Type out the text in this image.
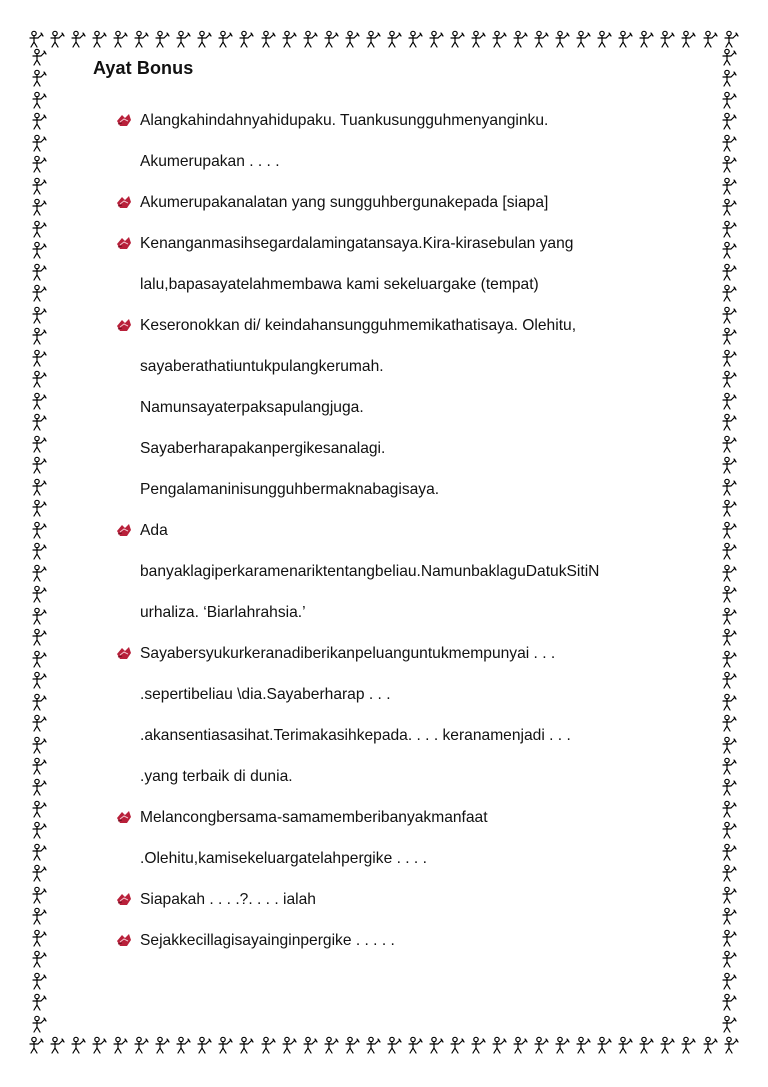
Ayat Bonus
Alangkahindahnyahidupaku. Tuankusungguhmenyanginku.
Akumerupakan . . . .
Akumerupakanalatan yang sungguhbergunakepada [siapa]
Kenanganmasihsegardalamingatansaya.Kira-kirasebulan yang
lalu,bapasayatelahmembawa kami sekeluargake (tempat)
Keseronokkan di/ keindahansungguhmemikathatisaya. Olehitu,
sayaberathatiuntukpulangkerumah.
Namunsayaterpaksapulangjuga.
Sayaberharapakanpergikesanalagi.
Pengalamaninisungguhbermaknabagisaya.
Ada
banyaklagiperkaramenariktentangbeliau.NamunbaklaguDatukSitiN
urhaliza. ‘Biarlahrahsia.’
Sayabersyukurkeranadiberikanpeluanguntukmempunyai . . .
.sepertibeliau \dia.Sayaberharap . . .
.akansentiasasihat.Terimakasihkepada. . . . keranamenjadi . . .
.yang terbaik di dunia.
Melancongbersama-samamemberibanyakmanfaat
.Olehitu,kamisekeluargatelahpergike . . . .
Siapakah . . . .?. . . . ialah
Sejakkecillagisayainginpergike . . . . .
